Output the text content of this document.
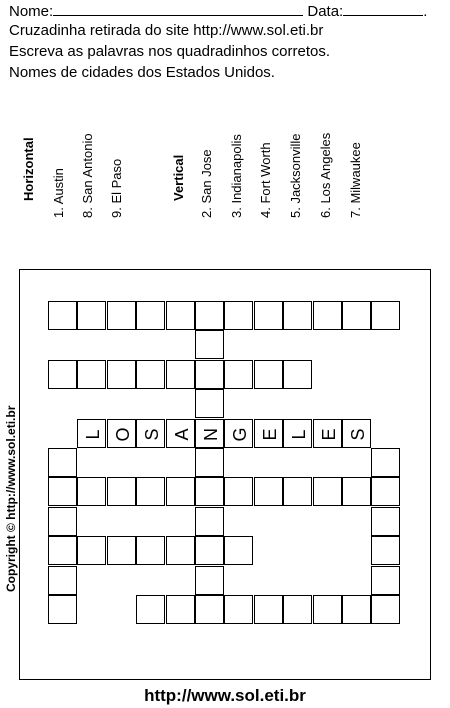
Nome:	Data:	.
Cruzadinha retirada do site http://www.sol.eti.br
Escreva as palavras nos quadradinhos corretos.
Nomes de cidades dos Estados Unidos.
Horizontal 1. Austin 8. San Antonio 9. El Paso	Vertical 2. San Jose 3. Indianapolis 4. Fort Worth 5. Jacksonville 6. Los Angeles 7. Milwaukee
L O S A N G E L E S
Copyright © http://www.sol.eti.br
http://www.sol.eti.br
